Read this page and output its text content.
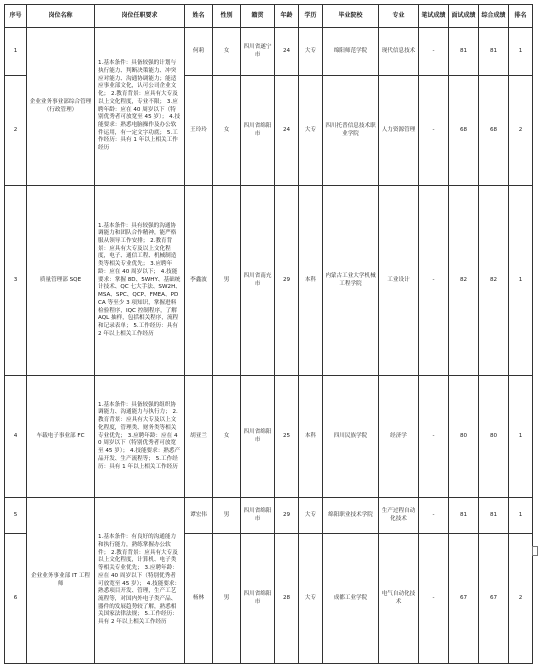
序号	岗位名称	岗位任职要求	姓名	性别	籍贯	年龄	学历	毕业院校	专业	笔试成绩	面试成绩	综合成绩	排名
1	企业业务事业部综合管理（行政管理）	1.基本条件：具备较强的计划与执行能力、判断决策能力、冲突应对能力、沟通协调能力；能适应事业部文化，认可公司企业文化； 2.教育背景：应具有大专及以上文化程度，专业不限； 3.应聘年龄：应在 40 周岁以下（特别优秀者可放宽至 45 岁）； 4.技能要求：熟悉电脑操作及办公软件运用，有一定文字功底； 5.工作经历：具有 1 年以上相关工作经历	何莉	女	四川省遂宁市	24	大专	绵阳师范学院	现代信息技术	-	81	81	1
2			王玲玲	女	四川省绵阳市	24	大专	四川托普信息技术职业学院	人力资源管理	-	68	68	2
3	质量管理部 SQE	1.基本条件：具有较强的沟通协调能力和团队合作精神，能严格服从领导工作安排； 2.教育背景：应具有大专及以上文化程度，电子、通信工程、机械制造类等相关专业优先； 3.应聘年龄：应在 40 周岁以下； 4.技能要求：掌握 8D、5WHY、基础统计技术、QC 七大手法、SW2H、MSA、SPC、QCP、FMEA、PDCA 等至少 3 项知识，掌握进料检验程序，IQC 控制程序，了解 AQL 抽样，包括相关程序，流程和记录表单； 5.工作经历：具有 2 年以上相关工作经历	李鑫波	男	四川省南充市	29	本科	内蒙古工业大学机械工程学院	工业设计	-	82	82	1
4	车载电子事业部 FC	1.基本条件：具备较强的组织协调能力、沟通能力与执行力； 2.教育背景：应具有大专及以上文化程度，管理类、财务类等相关专业优先； 3.应聘年龄：应在 40 周岁以下（特别优秀者可放宽至 45 岁）； 4.技能要求：熟悉产品开发、生产流程等； 5.工作经历：具有 1 年以上相关工作经历	胡亚兰	女	四川省绵阳市	25	本科	四川民族学院	经济学	-	80	80	1
5	企业业务事业部 IT 工程师	1.基本条件：有良好的沟通能力和执行能力，熟练掌握办公软件； 2.教育背景：应具有大专及以上文化程度，计算机、电子类等相关专业优先； 3.应聘年龄：应在 40 周岁以下（特别优秀者可放宽至 45 岁）； 4.技能要求：熟悉项目开发、管理，生产工艺流程等，对国内外电子类产品、器件的发展趋势较了解，熟悉相关国家法律法规； 5.工作经历：具有 2 年以上相关工作经历	谭宏伟	男	四川省绵阳市	29	大专	绵阳职业技术学院	生产过程自动化技术	-	81	81	1
6			杨林	男	四川省绵阳市	28	大专	成都工业学院	电气自动化技术	-	67	67	2
